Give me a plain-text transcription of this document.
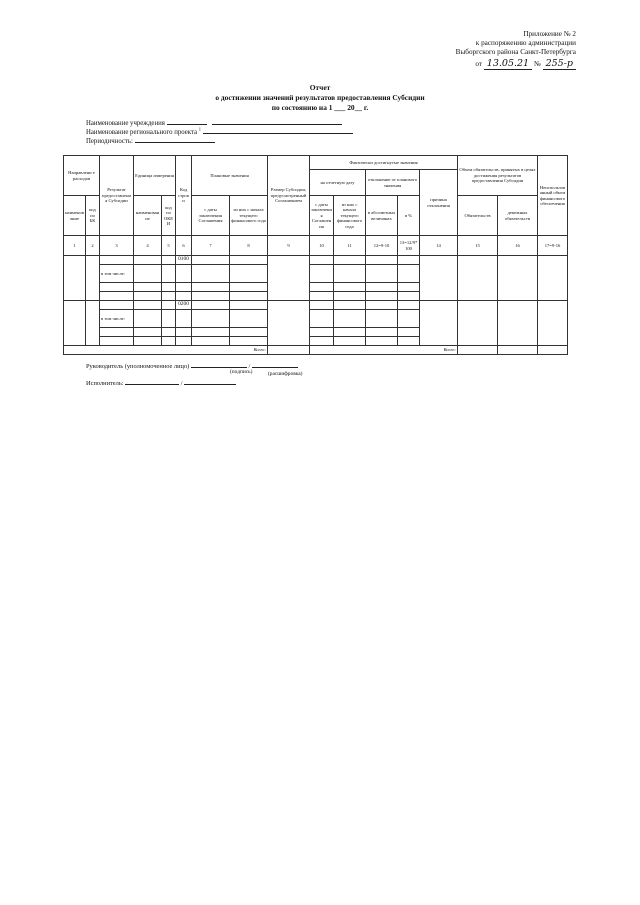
Приложение № 2
к распоряжению администрации
Выборгского района Санкт-Петербурга
от 13.05.21 № 255-р
Отчет
о достижении значений результатов предоставления Субсидии
по состоянию на 1 ___ 20__ г.
Наименование учреждения
Наименование регионального проекта $^1$
Периодичность:
Направлени е расходов		Результат предоставления Субсидии	Единица измерения		Код строки	Плановые значения		Размер Субсидии, предусмотренный Соглашением	Фактически достигнутые значения					Объем обязательств, принятых в целях достижения результатов предоставления Субсидии		Неиспользованный объем финансового обеспечения
									на отчетную дату		отклонение от планового значения		причина отклонения			
наименование	код по БК		наименование	код по ОКЕИ		с даты заключения Соглашения	из них с начала текущего финансового года		с даты заключения Соглашения	из них с начала текущего финансового года	в абсолютных величинах	в %		Обязательств	денежных обязательств	
1	2	3	4	5	6	7	8	9	10	11	12=9-10	13=12/9*100	14	15	16	17=9-16
					0100											
		в том числе:														

					0200											
		в том числе:														

Всего:									Всего:							
Руководитель (уполномоченное лицо)	/
(подпись)	(расшифровка)
Исполнитель:	/
